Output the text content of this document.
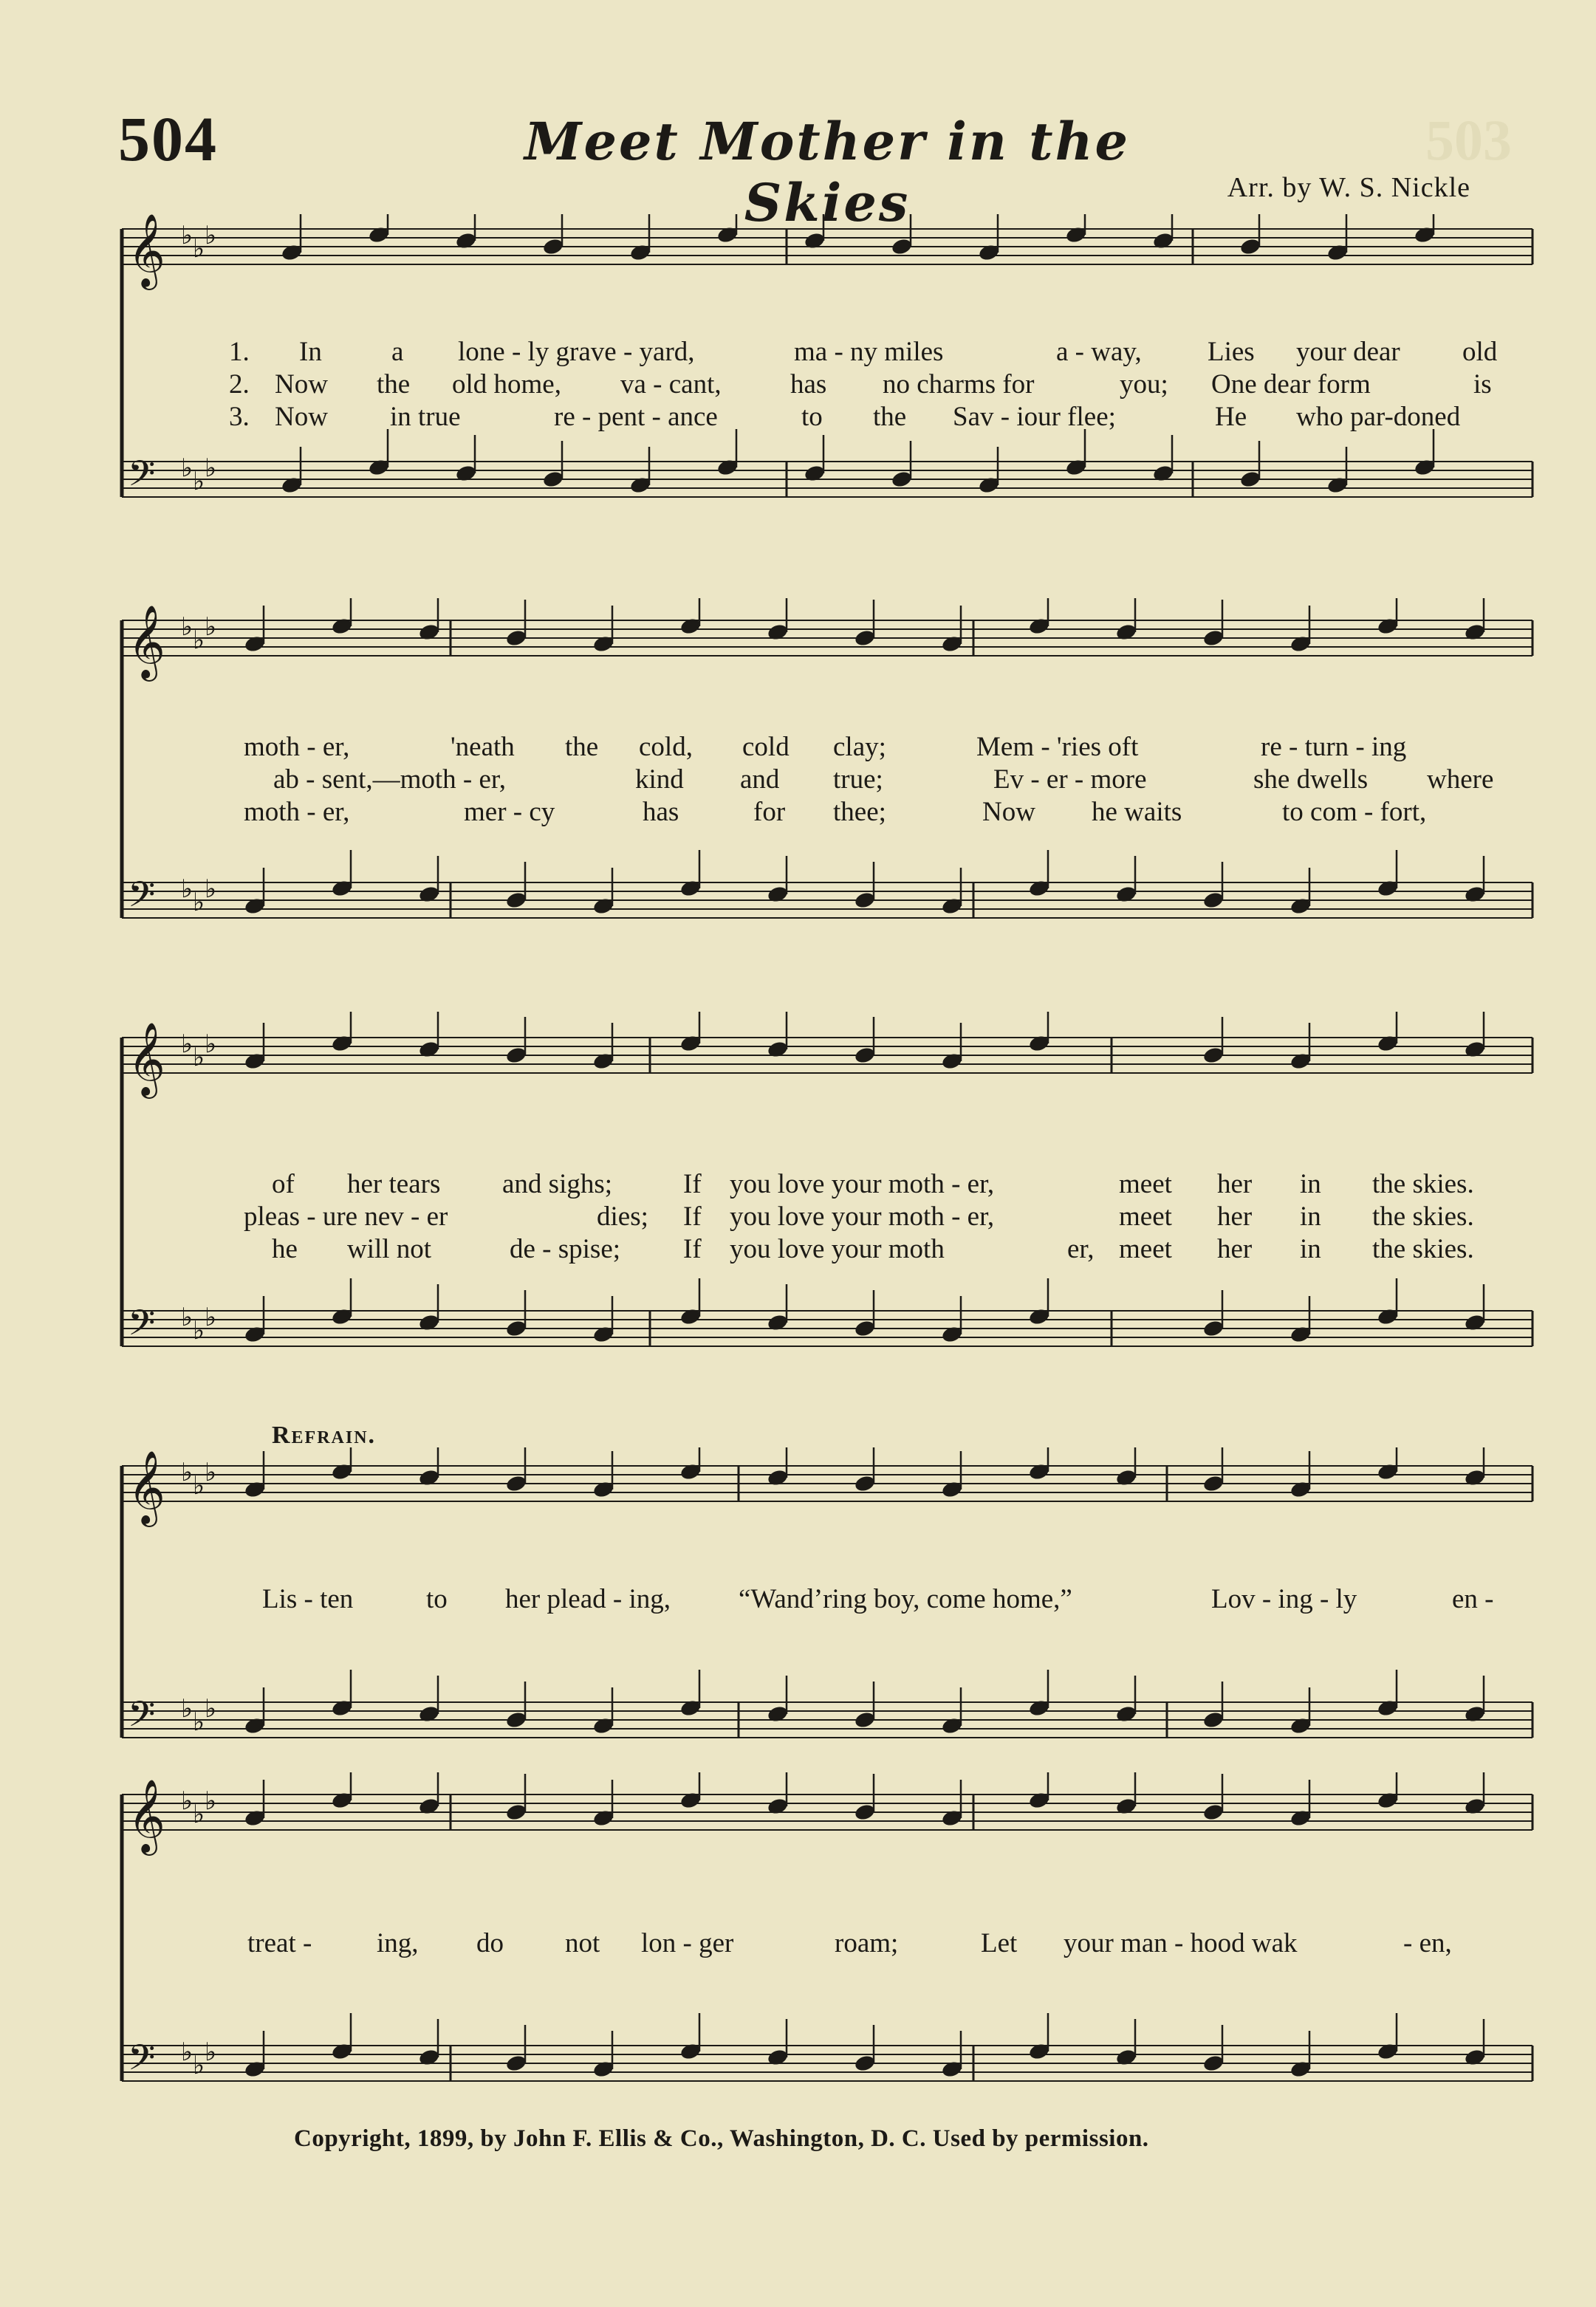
504	Meet Mother in the Skies
503
Arr. by W. S. Nickle
Refrain.
𝄞 ♭ ♭ ♭
𝄢 ♭ ♭ ♭
1. In	a lone - ly grave - yard,	ma - ny miles	a - way, Lies your dear old
2. Now the old home, va - cant,	has no charms for	you; One dear form	is
3. Now in true	re - pent - ance	to the Sav - iour flee;	He who par-doned
𝄞 ♭ ♭ ♭
𝄢 ♭ ♭ ♭
moth - er,	'neath the cold, cold clay;	Mem - 'ries oft	re - turn - ing
ab - sent,—moth - er,	kind and true;	Ev - er - more	she dwells where
moth - er,	mer - cy	has	for thee;	Now he waits	to com - fort,
𝄞 ♭ ♭ ♭
𝄢 ♭ ♭ ♭
of her tears and sighs;	If you love your moth - er,	meet her in the skies.
pleas - ure nev - er	dies; If you love your moth - er,	meet her in the skies.
he will not	de - spise; If you love your moth	er, meet her in the skies.
𝄞 ♭ ♭ ♭
𝄢 ♭ ♭ ♭
Lis - ten	to her plead - ing, “Wand’ring boy, come home,”	Lov - ing - ly	en -
𝄞 ♭ ♭ ♭
𝄢 ♭ ♭ ♭
treat - ing, do not lon - ger	roam;	Let your man - hood wak	- en,
Copyright, 1899, by John F. Ellis & Co., Washington, D. C. Used by permission.
